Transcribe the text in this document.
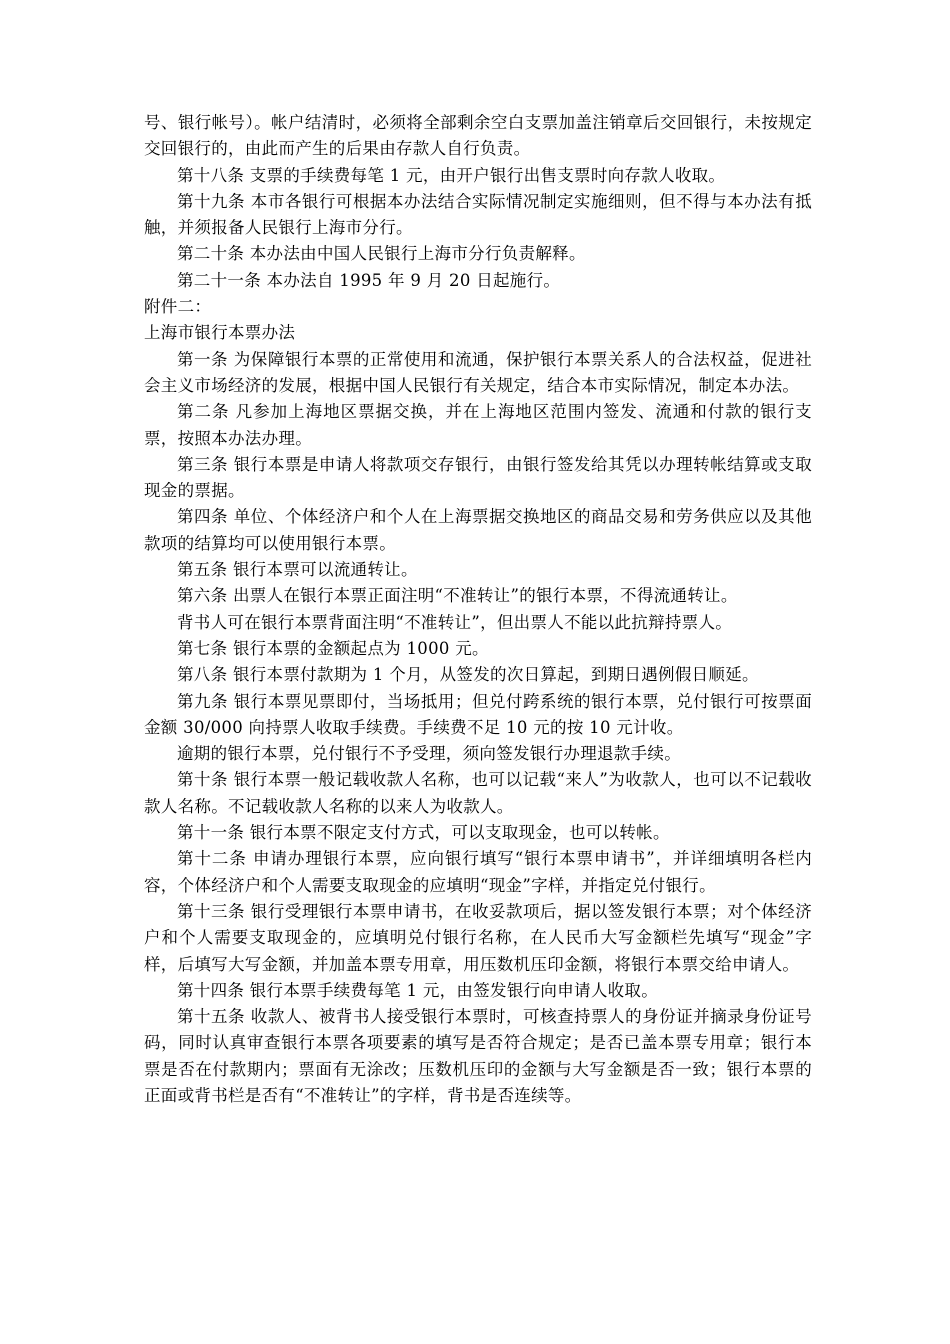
号、银行帐号）。帐户结清时，必须将全部剩余空白支票加盖注销章后交回银行，未按规定交回银行的，由此而产生的后果由存款人自行负责。

第十八条 支票的手续费每笔 1 元，由开户银行出售支票时向存款人收取。

第十九条 本市各银行可根据本办法结合实际情况制定实施细则，但不得与本办法有抵触，并须报备人民银行上海市分行。

第二十条 本办法由中国人民银行上海市分行负责解释。

第二十一条 本办法自 1995 年 9 月 20 日起施行。

附件二：

上海市银行本票办法

第一条 为保障银行本票的正常使用和流通，保护银行本票关系人的合法权益，促进社会主义市场经济的发展，根据中国人民银行有关规定，结合本市实际情况，制定本办法。

第二条 凡参加上海地区票据交换，并在上海地区范围内签发、流通和付款的银行支票，按照本办法办理。

第三条 银行本票是申请人将款项交存银行，由银行签发给其凭以办理转帐结算或支取现金的票据。

第四条 单位、个体经济户和个人在上海票据交换地区的商品交易和劳务供应以及其他款项的结算均可以使用银行本票。

第五条 银行本票可以流通转让。

第六条 出票人在银行本票正面注明“不准转让”的银行本票，不得流通转让。

背书人可在银行本票背面注明“不准转让”，但出票人不能以此抗辩持票人。

第七条 银行本票的金额起点为 1000 元。

第八条 银行本票付款期为 1 个月，从签发的次日算起，到期日遇例假日顺延。

第九条 银行本票见票即付，当场抵用；但兑付跨系统的银行本票，兑付银行可按票面金额 30/000 向持票人收取手续费。手续费不足 10 元的按 10 元计收。

逾期的银行本票，兑付银行不予受理，须向签发银行办理退款手续。

第十条 银行本票一般记载收款人名称，也可以记载“来人”为收款人，也可以不记载收款人名称。不记载收款人名称的以来人为收款人。

第十一条 银行本票不限定支付方式，可以支取现金，也可以转帐。

第十二条 申请办理银行本票，应向银行填写“银行本票申请书”，并详细填明各栏内容，个体经济户和个人需要支取现金的应填明“现金”字样，并指定兑付银行。

第十三条 银行受理银行本票申请书，在收妥款项后，据以签发银行本票；对个体经济户和个人需要支取现金的，应填明兑付银行名称，在人民币大写金额栏先填写“现金”字样，后填写大写金额，并加盖本票专用章，用压数机压印金额，将银行本票交给申请人。

第十四条 银行本票手续费每笔 1 元，由签发银行向申请人收取。

第十五条 收款人、被背书人接受银行本票时，可核查持票人的身份证并摘录身份证号码，同时认真审查银行本票各项要素的填写是否符合规定；是否已盖本票专用章；银行本票是否在付款期内；票面有无涂改；压数机压印的金额与大写金额是否一致；银行本票的正面或背书栏是否有“不准转让”的字样，背书是否连续等。
